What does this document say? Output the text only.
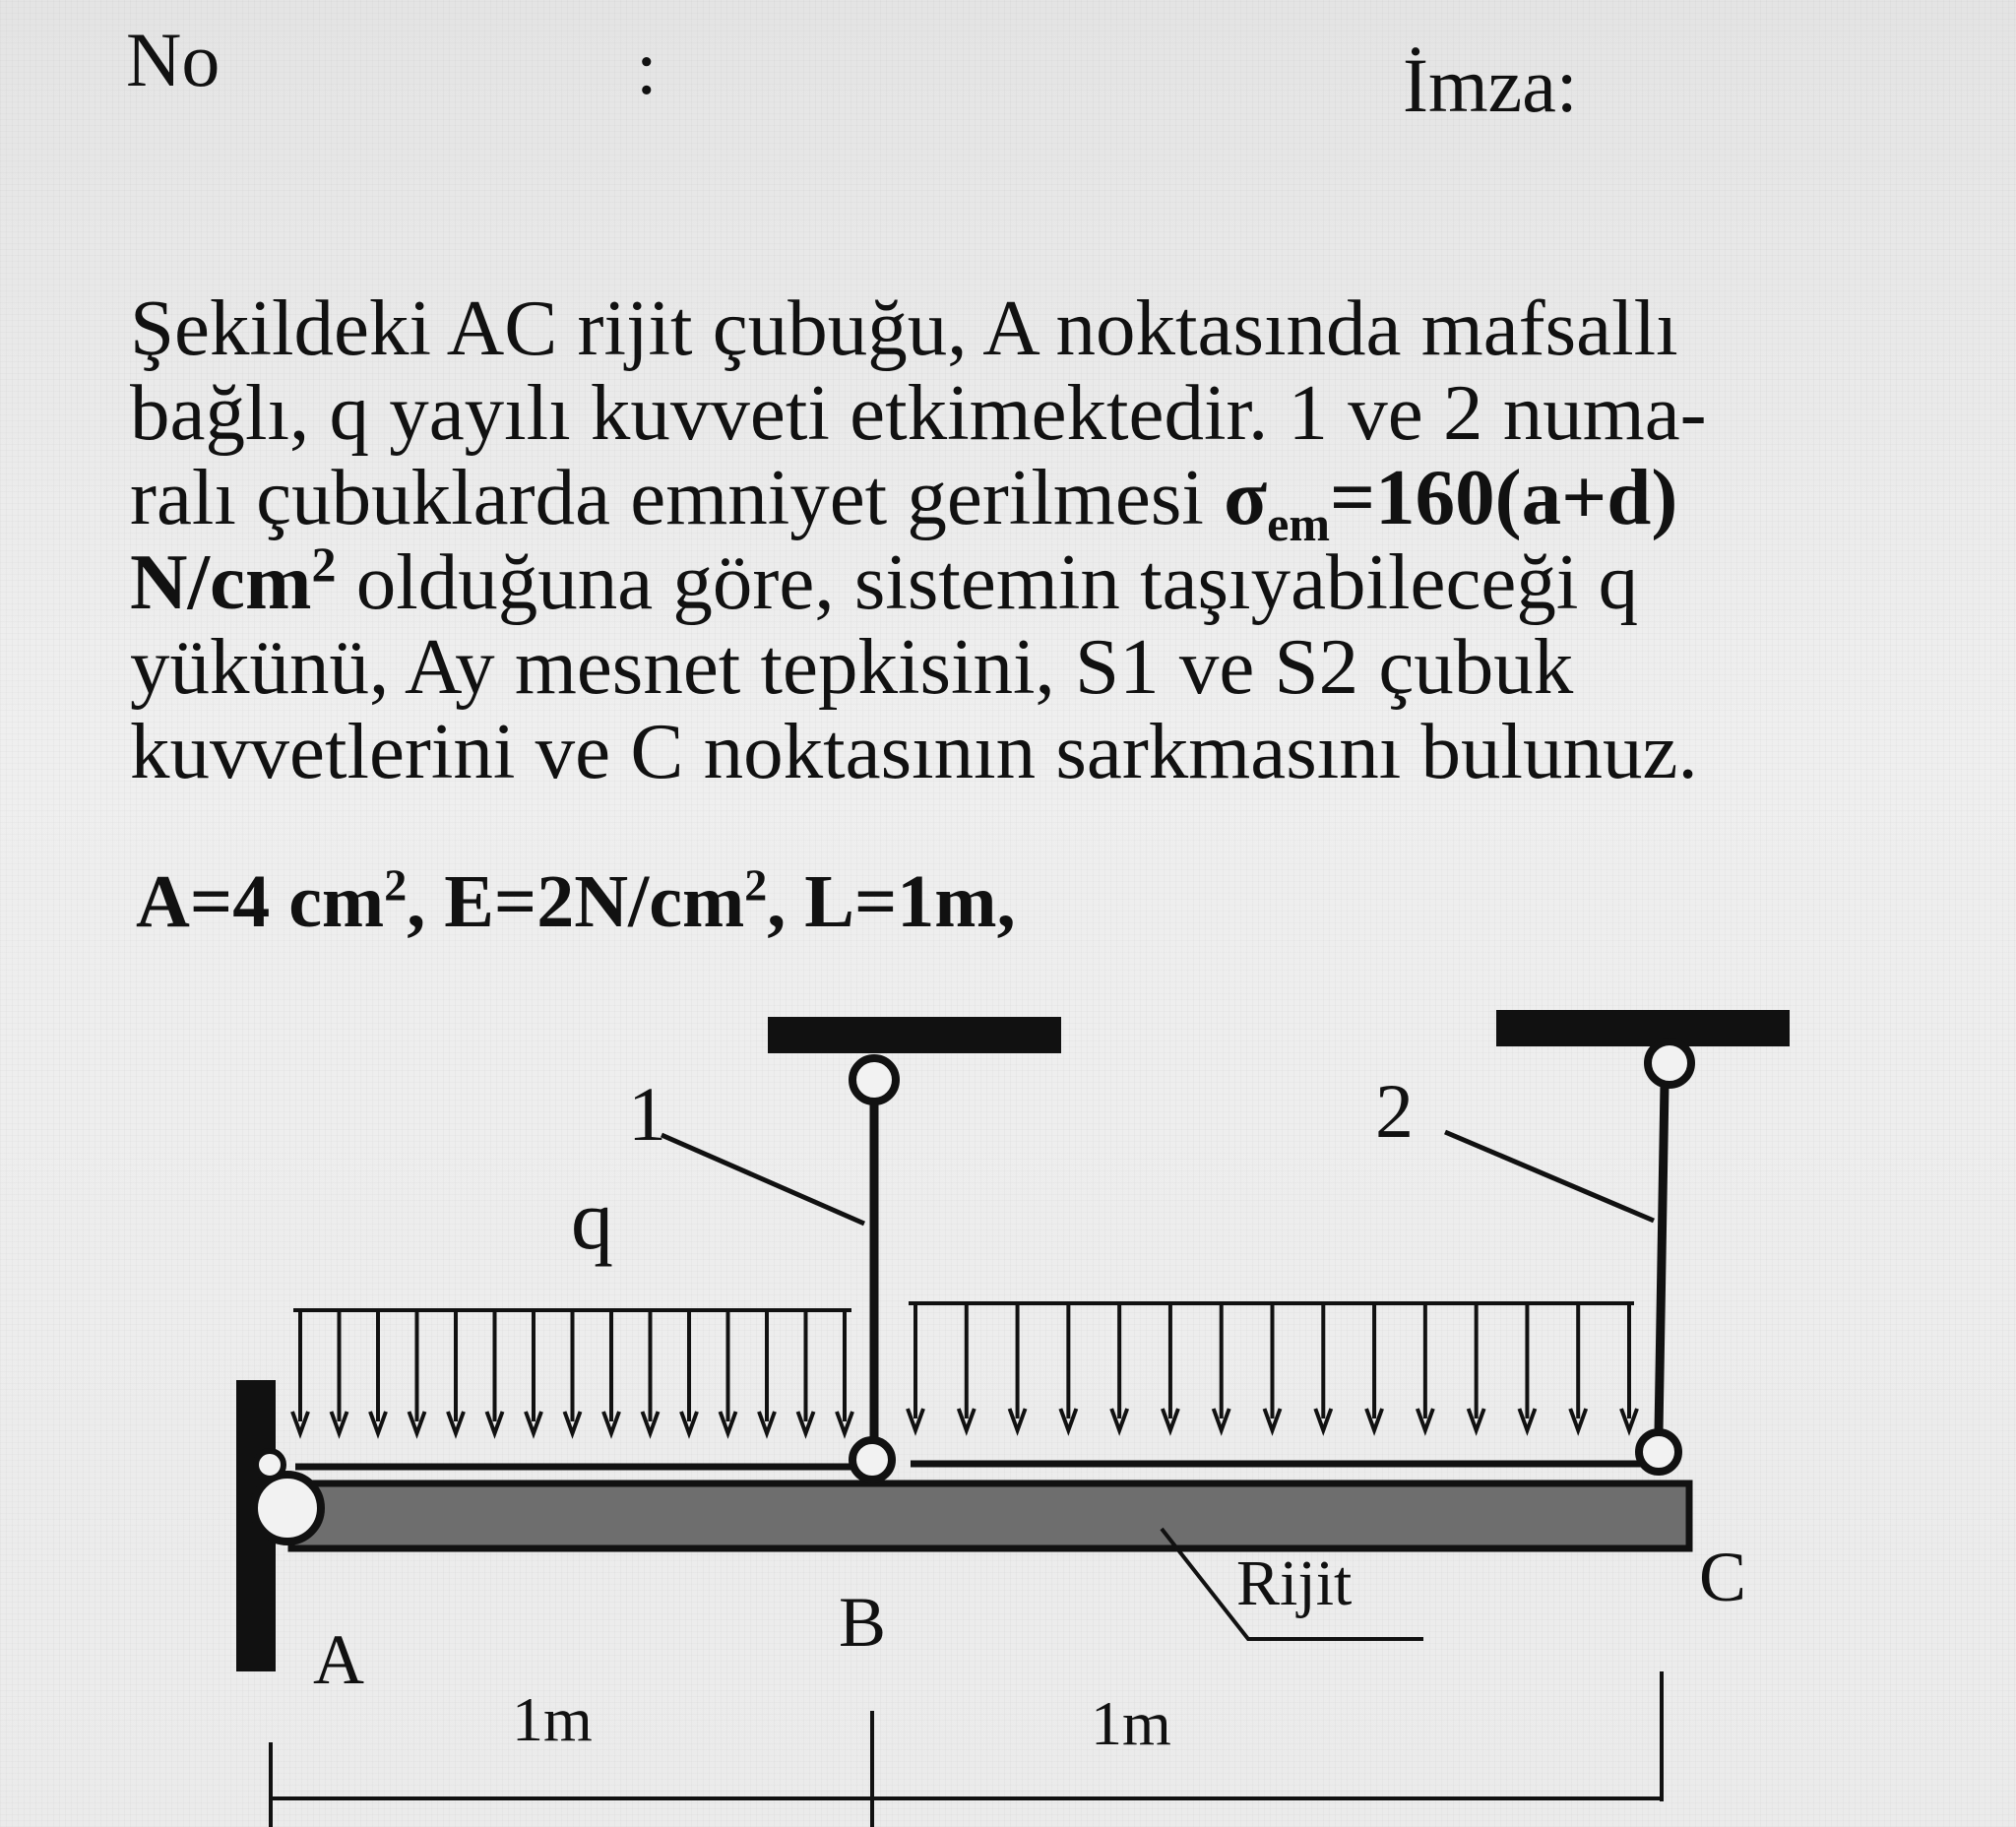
No	:	İmza:
Şekildeki AC rijit çubuğu, A noktasında mafsallı
bağlı, q yayılı kuvveti etkimektedir. 1 ve 2 numa-
ralı çubuklarda emniyet gerilmesi $\sigma_{em}=160(a+d)$
$N/cm^2$ olduğuna göre, sistemin taşıyabileceği q
yükünü, Ay mesnet tepkisini, S1 ve S2 çubuk
kuvvetlerini ve C noktasının sarkmasını bulunuz.
A=4 $cm^2$, $E=2N/cm^2$, L=1m,
1	2
q
A	B
C
Rijit
1m	1m
